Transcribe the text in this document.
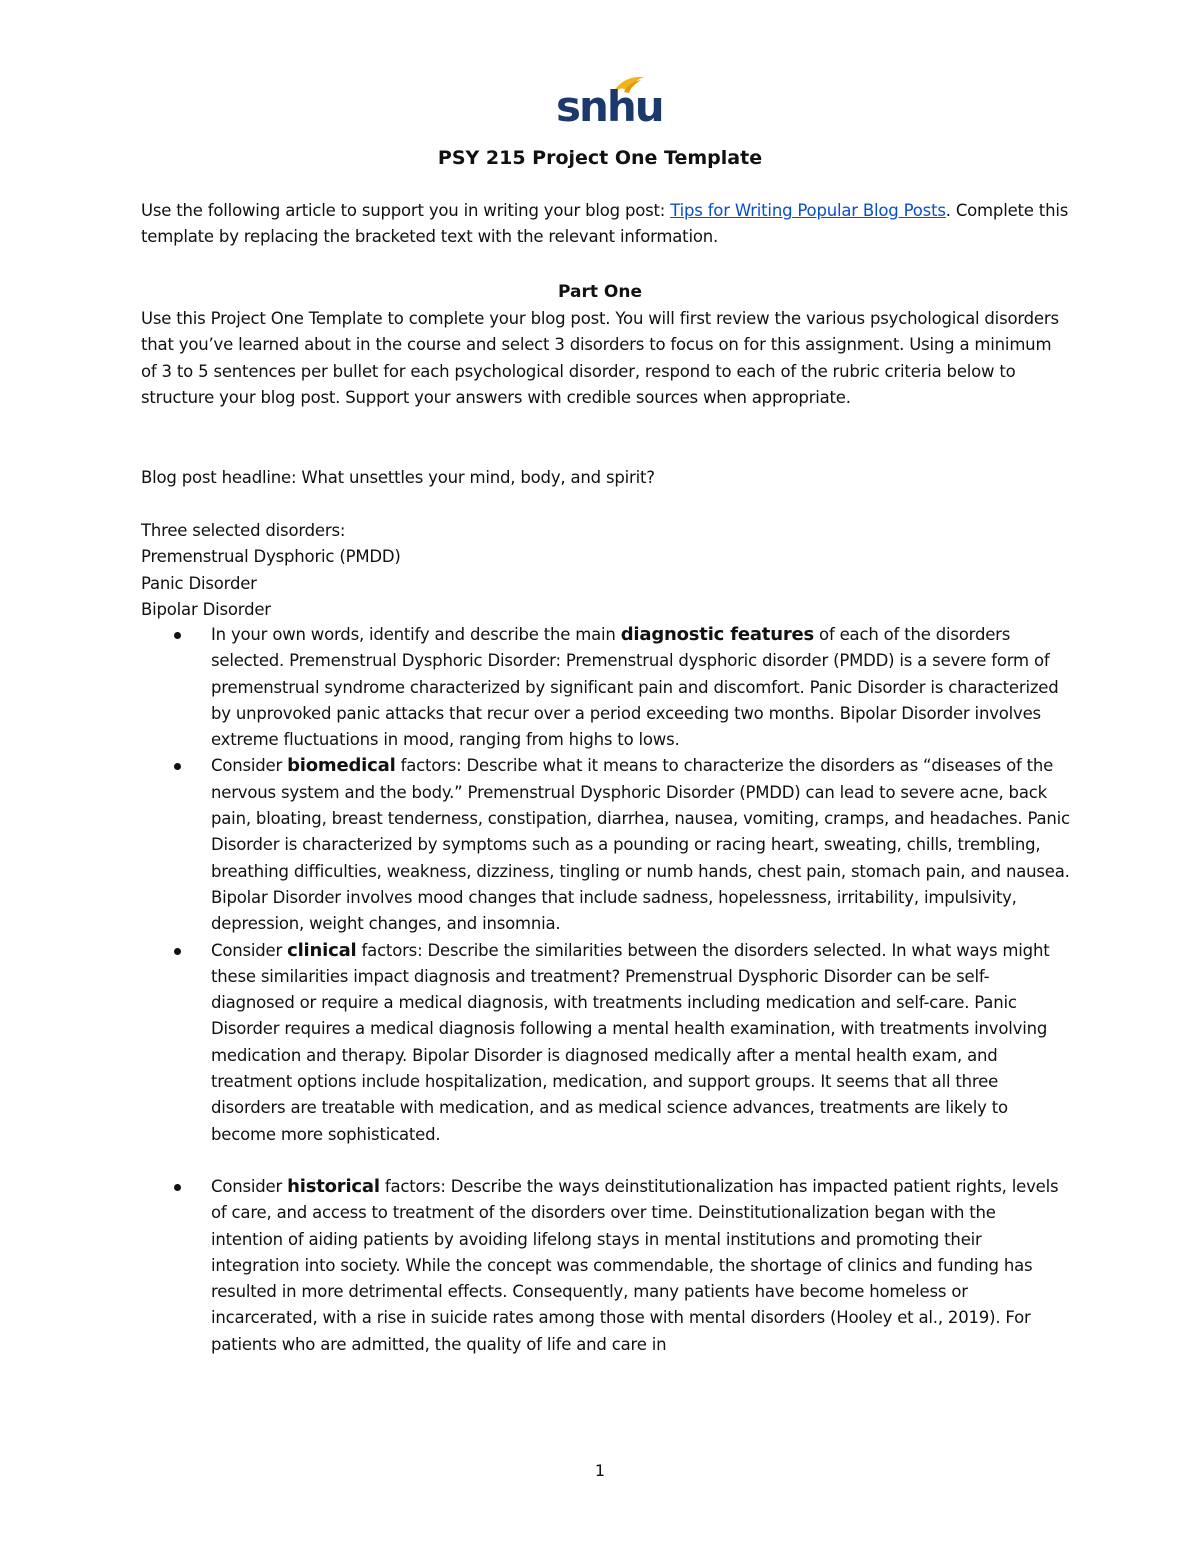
snhu
PSY 215 Project One Template
Use the following article to support you in writing your blog post: Tips for Writing Popular Blog Posts. Complete this template by replacing the bracketed text with the relevant information.
Part One
Use this Project One Template to complete your blog post. You will first review the various psychological disorders that you’ve learned about in the course and select 3 disorders to focus on for this assignment. Using a minimum of 3 to 5 sentences per bullet for each psychological disorder, respond to each of the rubric criteria below to structure your blog post. Support your answers with credible sources when appropriate.
Blog post headline: What unsettles your mind, body, and spirit?
Three selected disorders:
Premenstrual Dysphoric (PMDD)
Panic Disorder
Bipolar Disorder
In your own words, identify and describe the main diagnostic features of each of the disorders selected. Premenstrual Dysphoric Disorder: Premenstrual dysphoric disorder (PMDD) is a severe form of premenstrual syndrome characterized by significant pain and discomfort. Panic Disorder is characterized by unprovoked panic attacks that recur over a period exceeding two months. Bipolar Disorder involves extreme fluctuations in mood, ranging from highs to lows.
Consider biomedical factors: Describe what it means to characterize the disorders as “diseases of the nervous system and the body.” Premenstrual Dysphoric Disorder (PMDD) can lead to severe acne, back pain, bloating, breast tenderness, constipation, diarrhea, nausea, vomiting, cramps, and headaches. Panic Disorder is characterized by symptoms such as a pounding or racing heart, sweating, chills, trembling, breathing difficulties, weakness, dizziness, tingling or numb hands, chest pain, stomach pain, and nausea. Bipolar Disorder involves mood changes that include sadness, hopelessness, irritability, impulsivity, depression, weight changes, and insomnia.
Consider clinical factors: Describe the similarities between the disorders selected. In what ways might these similarities impact diagnosis and treatment? Premenstrual Dysphoric Disorder can be self-diagnosed or require a medical diagnosis, with treatments including medication and self-care. Panic Disorder requires a medical diagnosis following a mental health examination, with treatments involving medication and therapy. Bipolar Disorder is diagnosed medically after a mental health exam, and treatment options include hospitalization, medication, and support groups. It seems that all three disorders are treatable with medication, and as medical science advances, treatments are likely to become more sophisticated.
Consider historical factors: Describe the ways deinstitutionalization has impacted patient rights, levels of care, and access to treatment of the disorders over time. Deinstitutionalization began with the intention of aiding patients by avoiding lifelong stays in mental institutions and promoting their integration into society. While the concept was commendable, the shortage of clinics and funding has resulted in more detrimental effects. Consequently, many patients have become homeless or incarcerated, with a rise in suicide rates among those with mental disorders (Hooley et al., 2019). For patients who are admitted, the quality of life and care in
1
